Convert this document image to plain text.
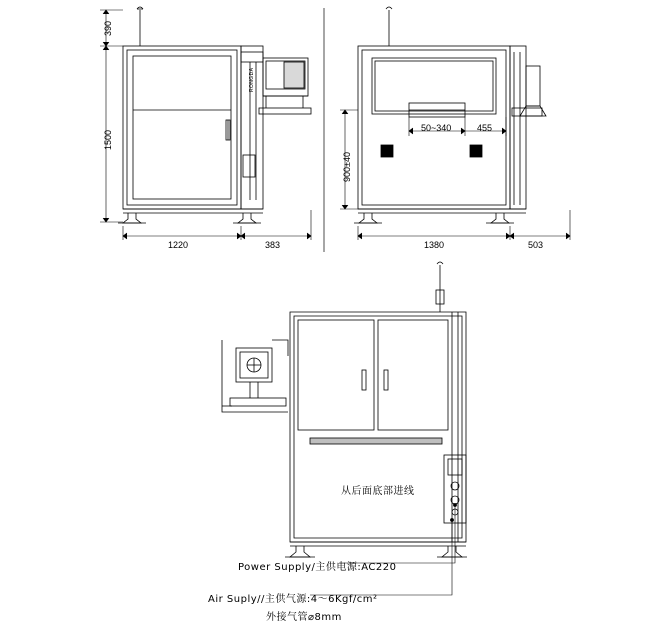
390
1500
1220	383
RONGDA
900±40
50~340	455
1380	503
从后面底部进线
Power Supply/主供电源:AC220
Air Suply//主供气源:4～6Kgf/cm²
外接气管⌀8mm
